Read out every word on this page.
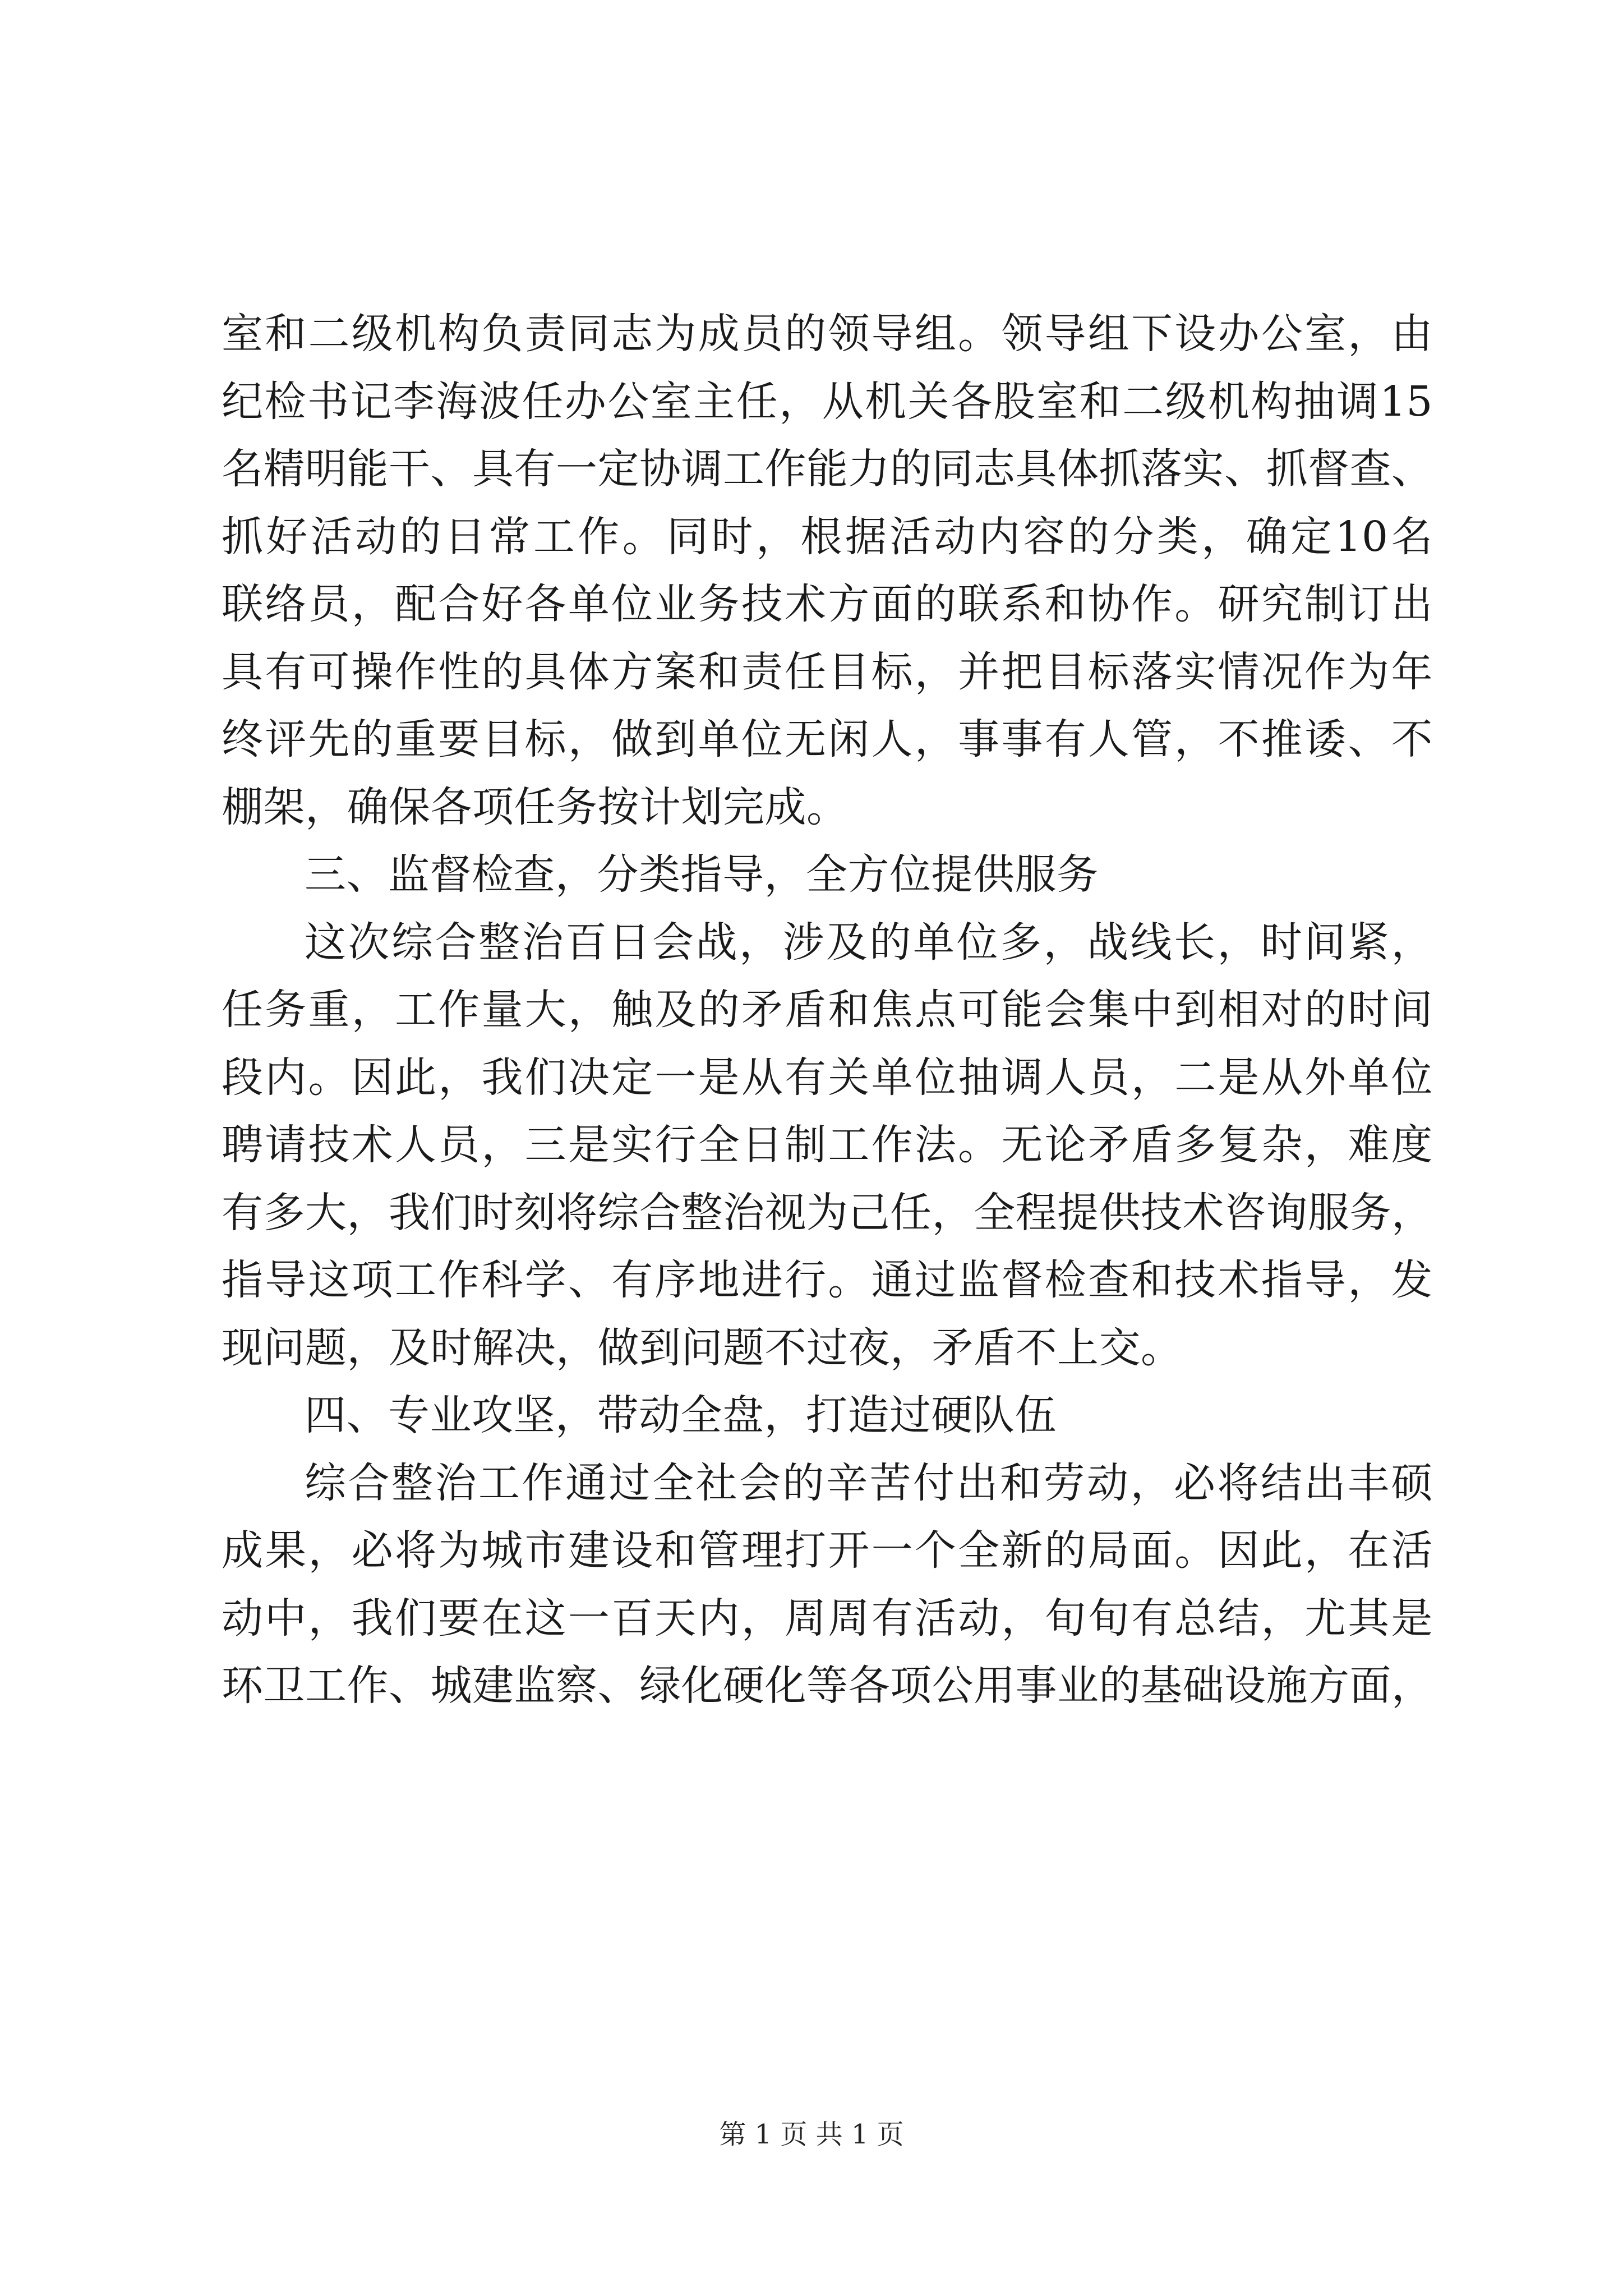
室和二级机构负责同志为成员的领导组。领导组下设办公室，由
纪检书记李海波任办公室主任，从机关各股室和二级机构抽调15
名精明能干、具有一定协调工作能力的同志具体抓落实、抓督查、
抓好活动的日常工作。同时，根据活动内容的分类，确定10名
联络员，配合好各单位业务技术方面的联系和协作。研究制订出
具有可操作性的具体方案和责任目标，并把目标落实情况作为年
终评先的重要目标，做到单位无闲人，事事有人管，不推诿、不
棚架，确保各项任务按计划完成。
三、监督检查，分类指导，全方位提供服务
这次综合整治百日会战，涉及的单位多，战线长，时间紧，
任务重，工作量大，触及的矛盾和焦点可能会集中到相对的时间
段内。因此，我们决定一是从有关单位抽调人员，二是从外单位
聘请技术人员，三是实行全日制工作法。无论矛盾多复杂，难度
有多大，我们时刻将综合整治视为己任，全程提供技术咨询服务，
指导这项工作科学、有序地进行。通过监督检查和技术指导，发
现问题，及时解决，做到问题不过夜，矛盾不上交。
四、专业攻坚，带动全盘，打造过硬队伍
综合整治工作通过全社会的辛苦付出和劳动，必将结出丰硕
成果，必将为城市建设和管理打开一个全新的局面。因此，在活
动中，我们要在这一百天内，周周有活动，旬旬有总结，尤其是
环卫工作、城建监察、绿化硬化等各项公用事业的基础设施方面，
第 1 页 共 1 页
